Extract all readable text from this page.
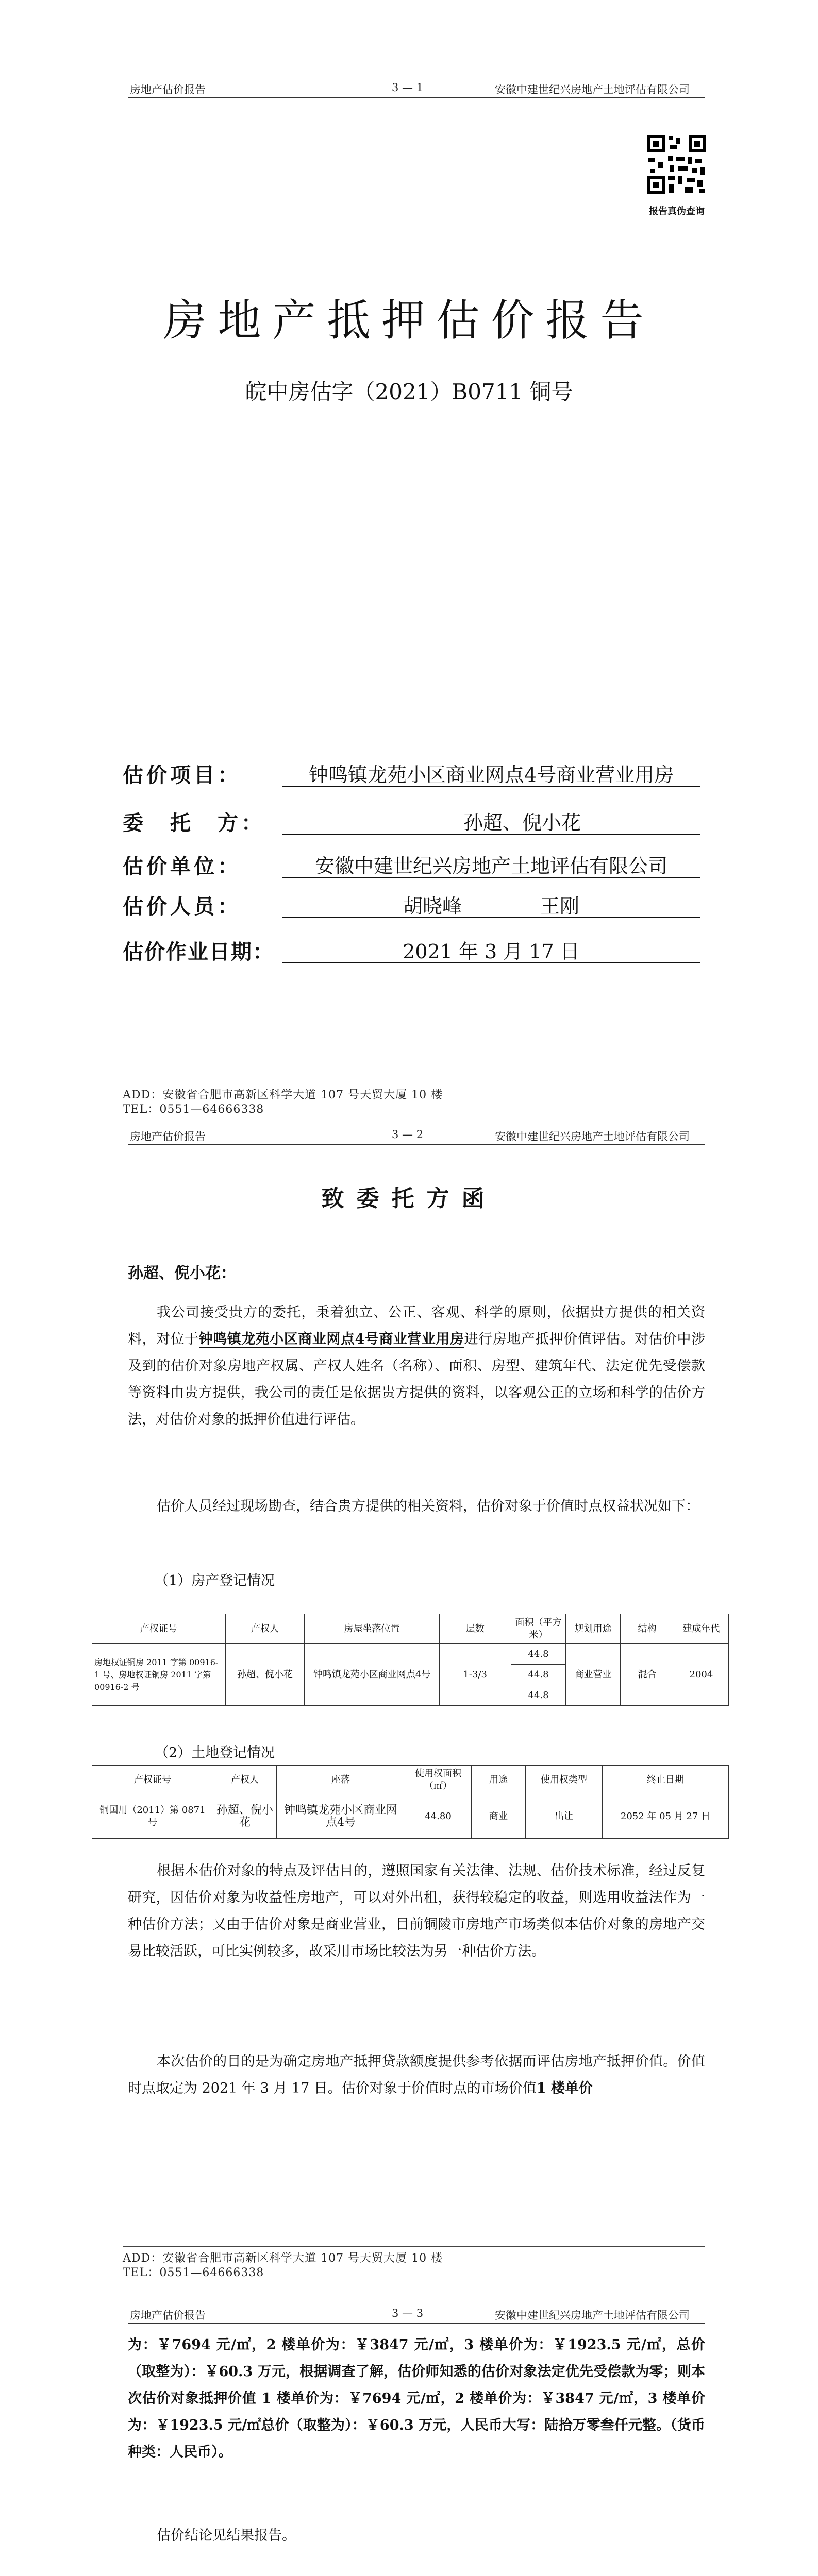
房地产估价报告	3 — 1	安徽中建世纪兴房地产土地评估有限公司
报告真伪查询
房地产抵押估价报告
皖中房估字（2021）B0711 铜号
估价项目：	钟鸣镇龙苑小区商业网点4号商业营业用房
委　托　方：	孙超、倪小花
估价单位：	安徽中建世纪兴房地产土地评估有限公司
估价人员：	胡晓峰　　　　王刚
估价作业日期：	2021 年 3 月 17 日
ADD：安徽省合肥市高新区科学大道 107 号天贸大厦 10 楼
TEL：0551—64666338
房地产估价报告	3 — 2	安徽中建世纪兴房地产土地评估有限公司
致委托方函
孙超、倪小花：
我公司接受贵方的委托，秉着独立、公正、客观、科学的原则，依据贵方提供的相关资料，对位于钟鸣镇龙苑小区商业网点4号商业营业用房进行房地产抵押价值评估。对估价中涉及到的估价对象房地产权属、产权人姓名（名称）、面积、房型、建筑年代、法定优先受偿款等资料由贵方提供，我公司的责任是依据贵方提供的资料，以客观公正的立场和科学的估价方法，对估价对象的抵押价值进行评估。
估价人员经过现场勘查，结合贵方提供的相关资料，估价对象于价值时点权益状况如下：
（1）房产登记情况
产权证号	产权人	房屋坐落位置	层数	面积（平方米）	规划用途	结构	建成年代
房地权证铜房 2011 字第 00916-1 号、房地权证铜房 2011 字第 00916-2 号	孙超、倪小花	钟鸣镇龙苑小区商业网点4号	1-3/3	44.8	商业营业	混合	2004
				44.8			
				44.8			
（2）土地登记情况
产权证号	产权人	座落	使用权面积（㎡）	用途	使用权类型	终止日期
铜国用（2011）第 0871 号	孙超、倪小花	钟鸣镇龙苑小区商业网点4号	44.80	商业	出让	2052 年 05 月 27 日
根据本估价对象的特点及评估目的，遵照国家有关法律、法规、估价技术标准，经过反复研究，因估价对象为收益性房地产，可以对外出租，获得较稳定的收益，则选用收益法作为一种估价方法；又由于估价对象是商业营业，目前铜陵市房地产市场类似本估价对象的房地产交易比较活跃，可比实例较多，故采用市场比较法为另一种估价方法。
本次估价的目的是为确定房地产抵押贷款额度提供参考依据而评估房地产抵押价值。价值时点取定为 2021 年 3 月 17 日。估价对象于价值时点的市场价值1 楼单价
ADD：安徽省合肥市高新区科学大道 107 号天贸大厦 10 楼
TEL：0551—64666338
房地产估价报告	3 — 3	安徽中建世纪兴房地产土地评估有限公司
为：￥7694 元/㎡，2 楼单价为：￥3847 元/㎡，3 楼单价为：￥1923.5 元/㎡，总价（取整为）：￥60.3 万元，根据调查了解，估价师知悉的估价对象法定优先受偿款为零；则本次估价对象抵押价值 1 楼单价为：￥7694 元/㎡，2 楼单价为：￥3847 元/㎡，3 楼单价为：￥1923.5 元/㎡总价（取整为）：￥60.3 万元，人民币大写：陆拾万零叁仟元整。（货币种类：人民币）。
估价结论见结果报告。
